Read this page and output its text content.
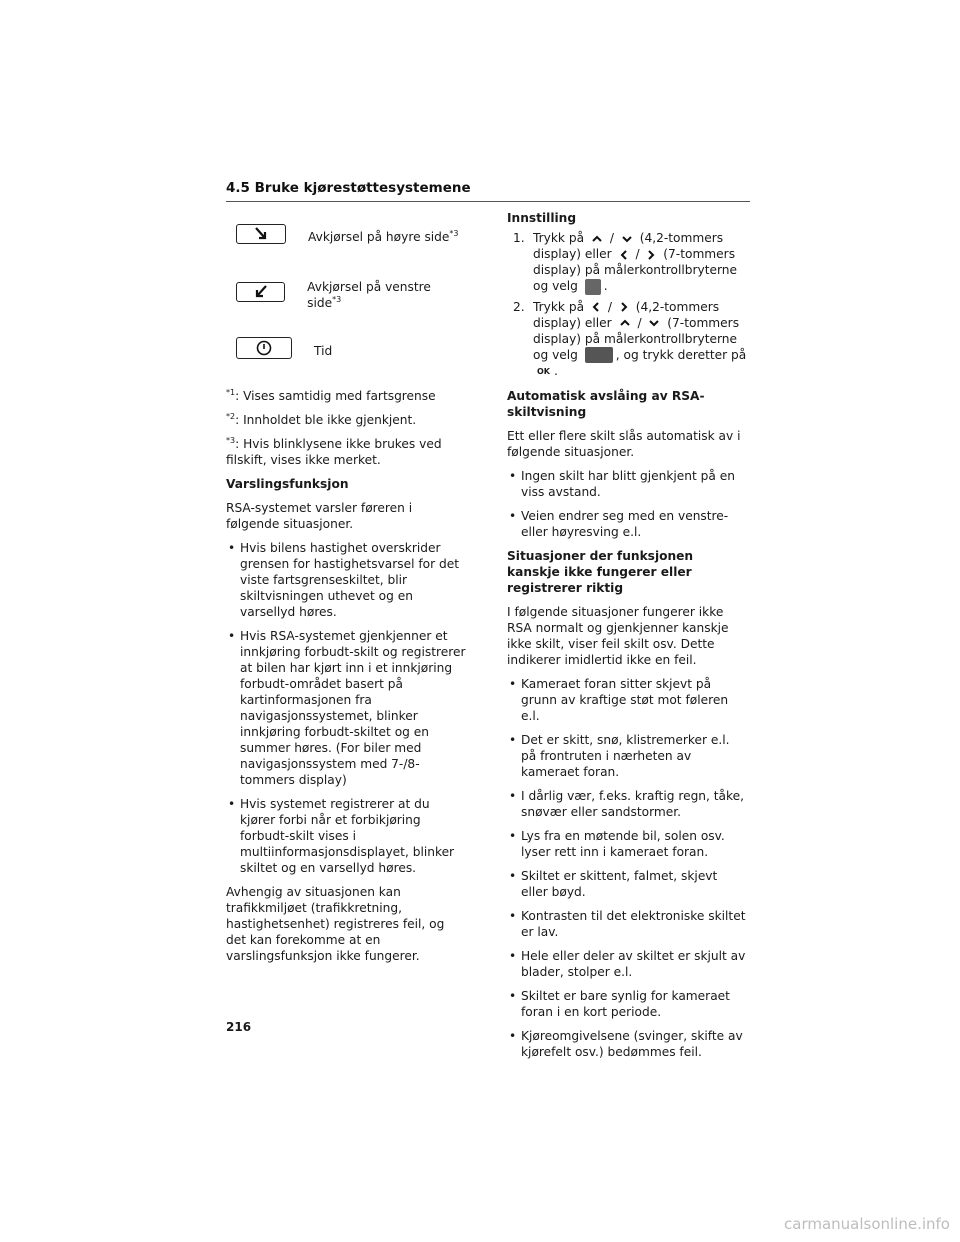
4.5 Bruke kjørestøttesystemene
Avkjørsel på høyre side$^{*3}$
Avkjørsel på venstre side$^{*3}$
Tid
$^{*1}$: Vises samtidig med fartsgrense
$^{*2}$: Innholdet ble ikke gjenkjent.
$^{*3}$: Hvis blinklysene ikke brukes ved filskift, vises ikke merket.
Varslingsfunksjon
RSA-systemet varsler føreren i følgende situasjoner.
• Hvis bilens hastighet overskrider grensen for hastighetsvarsel for det viste fartsgrenseskiltet, blir skiltvisningen uthevet og en varsellyd høres.
• Hvis RSA-systemet gjenkjenner et innkjøring forbudt-skilt og registrerer at bilen har kjørt inn i et innkjøring forbudt-området basert på kartinformasjonen fra navigasjonssystemet, blinker innkjøring forbudt-skiltet og en summer høres. (For biler med navigasjonssystem med 7-/8-tommers display)
• Hvis systemet registrerer at du kjører forbi når et forbikjøring forbudt-skilt vises i multiinformasjonsdisplayet, blinker skiltet og en varsellyd høres.
Avhengig av situasjonen kan trafikkmiljøet (trafikkretning, hastighetsenhet) registreres feil, og det kan forekomme at en varslingsfunksjon ikke fungerer.
Innstilling
1. Trykk på / (4,2-tommers display) eller / (7-tommers display) på målerkontrollbryterne og velg .
2. Trykk på / (4,2-tommers display) eller / (7-tommers display) på målerkontrollbryterne og velg	, og trykk deretter på OK .
Automatisk avslåing av RSA-skiltvisning
Ett eller flere skilt slås automatisk av i følgende situasjoner.
• Ingen skilt har blitt gjenkjent på en viss avstand.
• Veien endrer seg med en venstre- eller høyresving e.l.
Situasjoner der funksjonen kanskje ikke fungerer eller registrerer riktig
I følgende situasjoner fungerer ikke RSA normalt og gjenkjenner kanskje ikke skilt, viser feil skilt osv. Dette indikerer imidlertid ikke en feil.
• Kameraet foran sitter skjevt på grunn av kraftige støt mot føleren e.l.
• Det er skitt, snø, klistremerker e.l. på frontruten i nærheten av kameraet foran.
• I dårlig vær, f.eks. kraftig regn, tåke, snøvær eller sandstormer.
• Lys fra en møtende bil, solen osv. lyser rett inn i kameraet foran.
• Skiltet er skittent, falmet, skjevt eller bøyd.
• Kontrasten til det elektroniske skiltet er lav.
• Hele eller deler av skiltet er skjult av blader, stolper e.l.
• Skiltet er bare synlig for kameraet foran i en kort periode.
• Kjøreomgivelsene (svinger, skifte av kjørefelt osv.) bedømmes feil.
216
carmanualsonline.info
